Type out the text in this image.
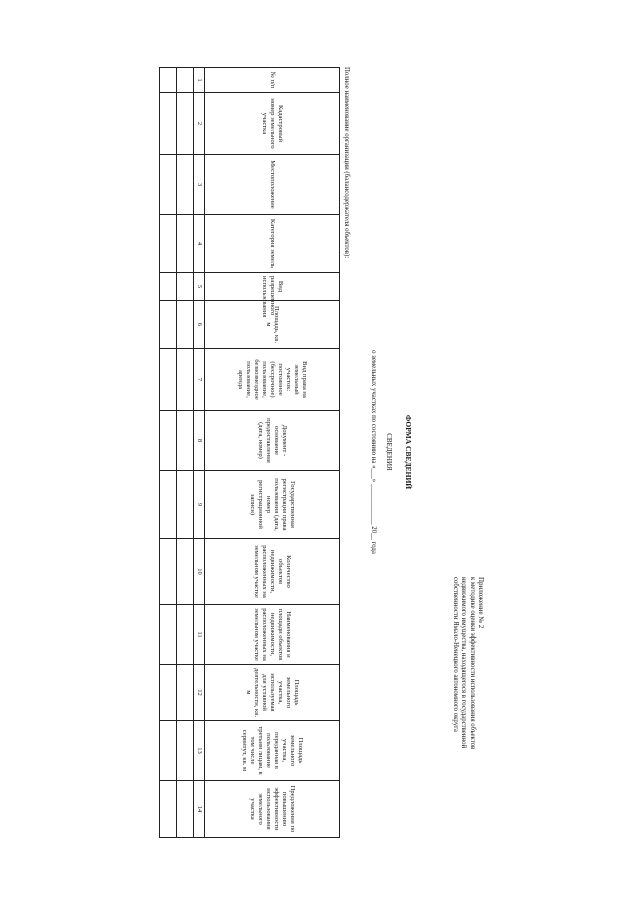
Приложение № 2
к методике оценки эффективности использования объектов
недвижимого имущества, находящегося в государственной
собственности Ямало-Ненецкого автономного округа
ФОРМА СВЕДЕНИЙ
СВЕДЕНИЯ
о земельных участках по состоянию на «___» ____________ 20__ года
Полное наименование организации (балансодержателя объектов):
№ п/п	Кадастровый номер земельного участка	Местоположение	Категория земель	Вид разрешенного использования	Площадь, кв. м	Вид права на земельный участок: постоянное (бессрочное) пользование, безвозмездное пользование, аренда	Документ - основание предоставления (дата, номер)	Государственная регистрация права пользования (дата, номер регистрационной записи)	Количество объектов недвижимости, расположенных на земельном участке	Наименования и площади объектов недвижимости, расположенных на земельном участке	Площадь земельного участка, используемая для уставной деятельности, кв. м	Площадь земельного участка, переданная в пользование третьим лицам, в том числе сервитут, кв. м	Предложения по повышению эффективности использования земельного участка
1	2	3	4	5	6	7	8	9	10	11	12	13	14
